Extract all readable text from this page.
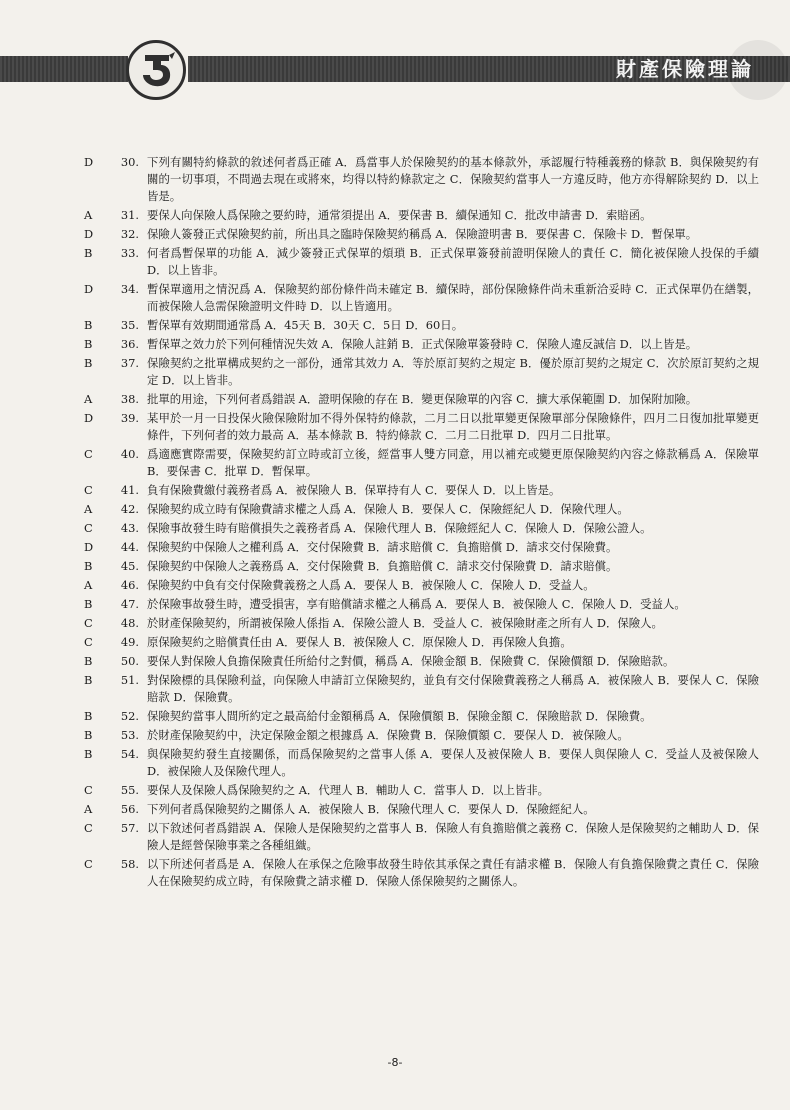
財產保險理論
D	30. 下列有關特約條款的敘述何者爲正確 A．爲當事人於保險契約的基本條款外，承認履行特種義務的條款 B．與保險契約有關的一切事項，不問過去現在或將來，均得以特約條款定之 C．保險契約當事人一方違反時，他方亦得解除契約 D．以上皆是。
A	31. 要保人向保險人爲保險之要約時，通常須提出 A．要保書 B．續保通知 C．批改申請書 D．索賠函。
D	32. 保險人簽發正式保險契約前，所出具之臨時保險契約稱爲 A．保險證明書 B．要保書 C．保險卡 D．暫保單。
B	33. 何者爲暫保單的功能 A．減少簽發正式保單的煩瑣 B．正式保單簽發前證明保險人的責任 C．簡化被保險人投保的手續 D．以上皆非。
D	34. 暫保單適用之情況爲 A．保險契約部份條件尚未確定 B．續保時，部份保險條件尚未重新洽妥時 C．正式保單仍在繕製，而被保險人急需保險證明文件時 D．以上皆適用。
B	35. 暫保單有效期間通常爲 A．45天 B．30天 C．5日 D．60日。
B	36. 暫保單之效力於下列何種情況失效 A．保險人註銷 B．正式保險單簽發時 C．保險人違反誠信 D．以上皆是。
B	37. 保險契約之批單構成契約之一部份，通常其效力 A．等於原訂契約之規定 B．優於原訂契約之規定 C．次於原訂契約之規定 D．以上皆非。
A	38. 批單的用途，下列何者爲錯誤 A．證明保險的存在 B．變更保險單的內容 C．擴大承保範圍 D．加保附加險。
D	39. 某甲於一月一日投保火險保險附加不得外保特約條款，二月二日以批單變更保險單部分保險條件，四月二日復加批單變更條件，下列何者的效力最高 A．基本條款 B．特約條款 C．二月二日批單 D．四月二日批單。
C	40. 爲適應實際需要，保險契約訂立時或訂立後，經當事人雙方同意，用以補充或變更原保險契約內容之條款稱爲 A．保險單 B．要保書 C．批單 D．暫保單。
C	41. 負有保險費繳付義務者爲 A．被保險人 B．保單持有人 C．要保人 D．以上皆是。
A	42. 保險契約成立時有保險費請求權之人爲 A．保險人 B．要保人 C．保險經紀人 D．保險代理人。
C	43. 保險事故發生時有賠償損失之義務者爲 A．保險代理人 B．保險經紀人 C．保險人 D．保險公證人。
D	44. 保險契約中保險人之權利爲 A．交付保險費 B．請求賠償 C．負擔賠償 D．請求交付保險費。
B	45. 保險契約中保險人之義務爲 A．交付保險費 B．負擔賠償 C．請求交付保險費 D．請求賠償。
A	46. 保險契約中負有交付保險費義務之人爲 A．要保人 B．被保險人 C．保險人 D．受益人。
B	47. 於保險事故發生時，遭受損害，享有賠償請求權之人稱爲 A．要保人 B．被保險人 C．保險人 D．受益人。
C	48. 於財產保險契約，所謂被保險人係指 A．保險公證人 B．受益人 C．被保險財產之所有人 D．保險人。
C	49. 原保險契約之賠償責任由 A．要保人 B．被保險人 C．原保險人 D．再保險人負擔。
B	50. 要保人對保險人負擔保險責任所給付之對價，稱爲 A．保險金額 B．保險費 C．保險價額 D．保險賠款。
B	51. 對保險標的具保險利益，向保險人申請訂立保險契約，並負有交付保險費義務之人稱爲 A．被保險人 B．要保人 C．保險賠款 D．保險費。
B	52. 保險契約當事人間所約定之最高給付金額稱爲 A．保險價額 B．保險金額 C．保險賠款 D．保險費。
B	53. 於財產保險契約中，決定保險金額之根據爲 A．保險費 B．保險價額 C．要保人 D．被保險人。
B	54. 與保險契約發生直接關係，而爲保險契約之當事人係 A．要保人及被保險人 B．要保人與保險人 C．受益人及被保險人 D．被保險人及保險代理人。
C	55. 要保人及保險人爲保險契約之 A．代理人 B．輔助人 C．當事人 D．以上皆非。
A	56. 下列何者爲保險契約之關係人 A．被保險人 B．保險代理人 C．要保人 D．保險經紀人。
C	57. 以下敘述何者爲錯誤 A．保險人是保險契約之當事人 B．保險人有負擔賠償之義務 C．保險人是保險契約之輔助人 D．保險人是經營保險事業之各種組織。
C	58. 以下所述何者爲是 A．保險人在承保之危險事故發生時依其承保之責任有請求權 B．保險人有負擔保險費之責任 C．保險人在保險契約成立時，有保險費之請求權 D．保險人係保險契約之關係人。
-8-
